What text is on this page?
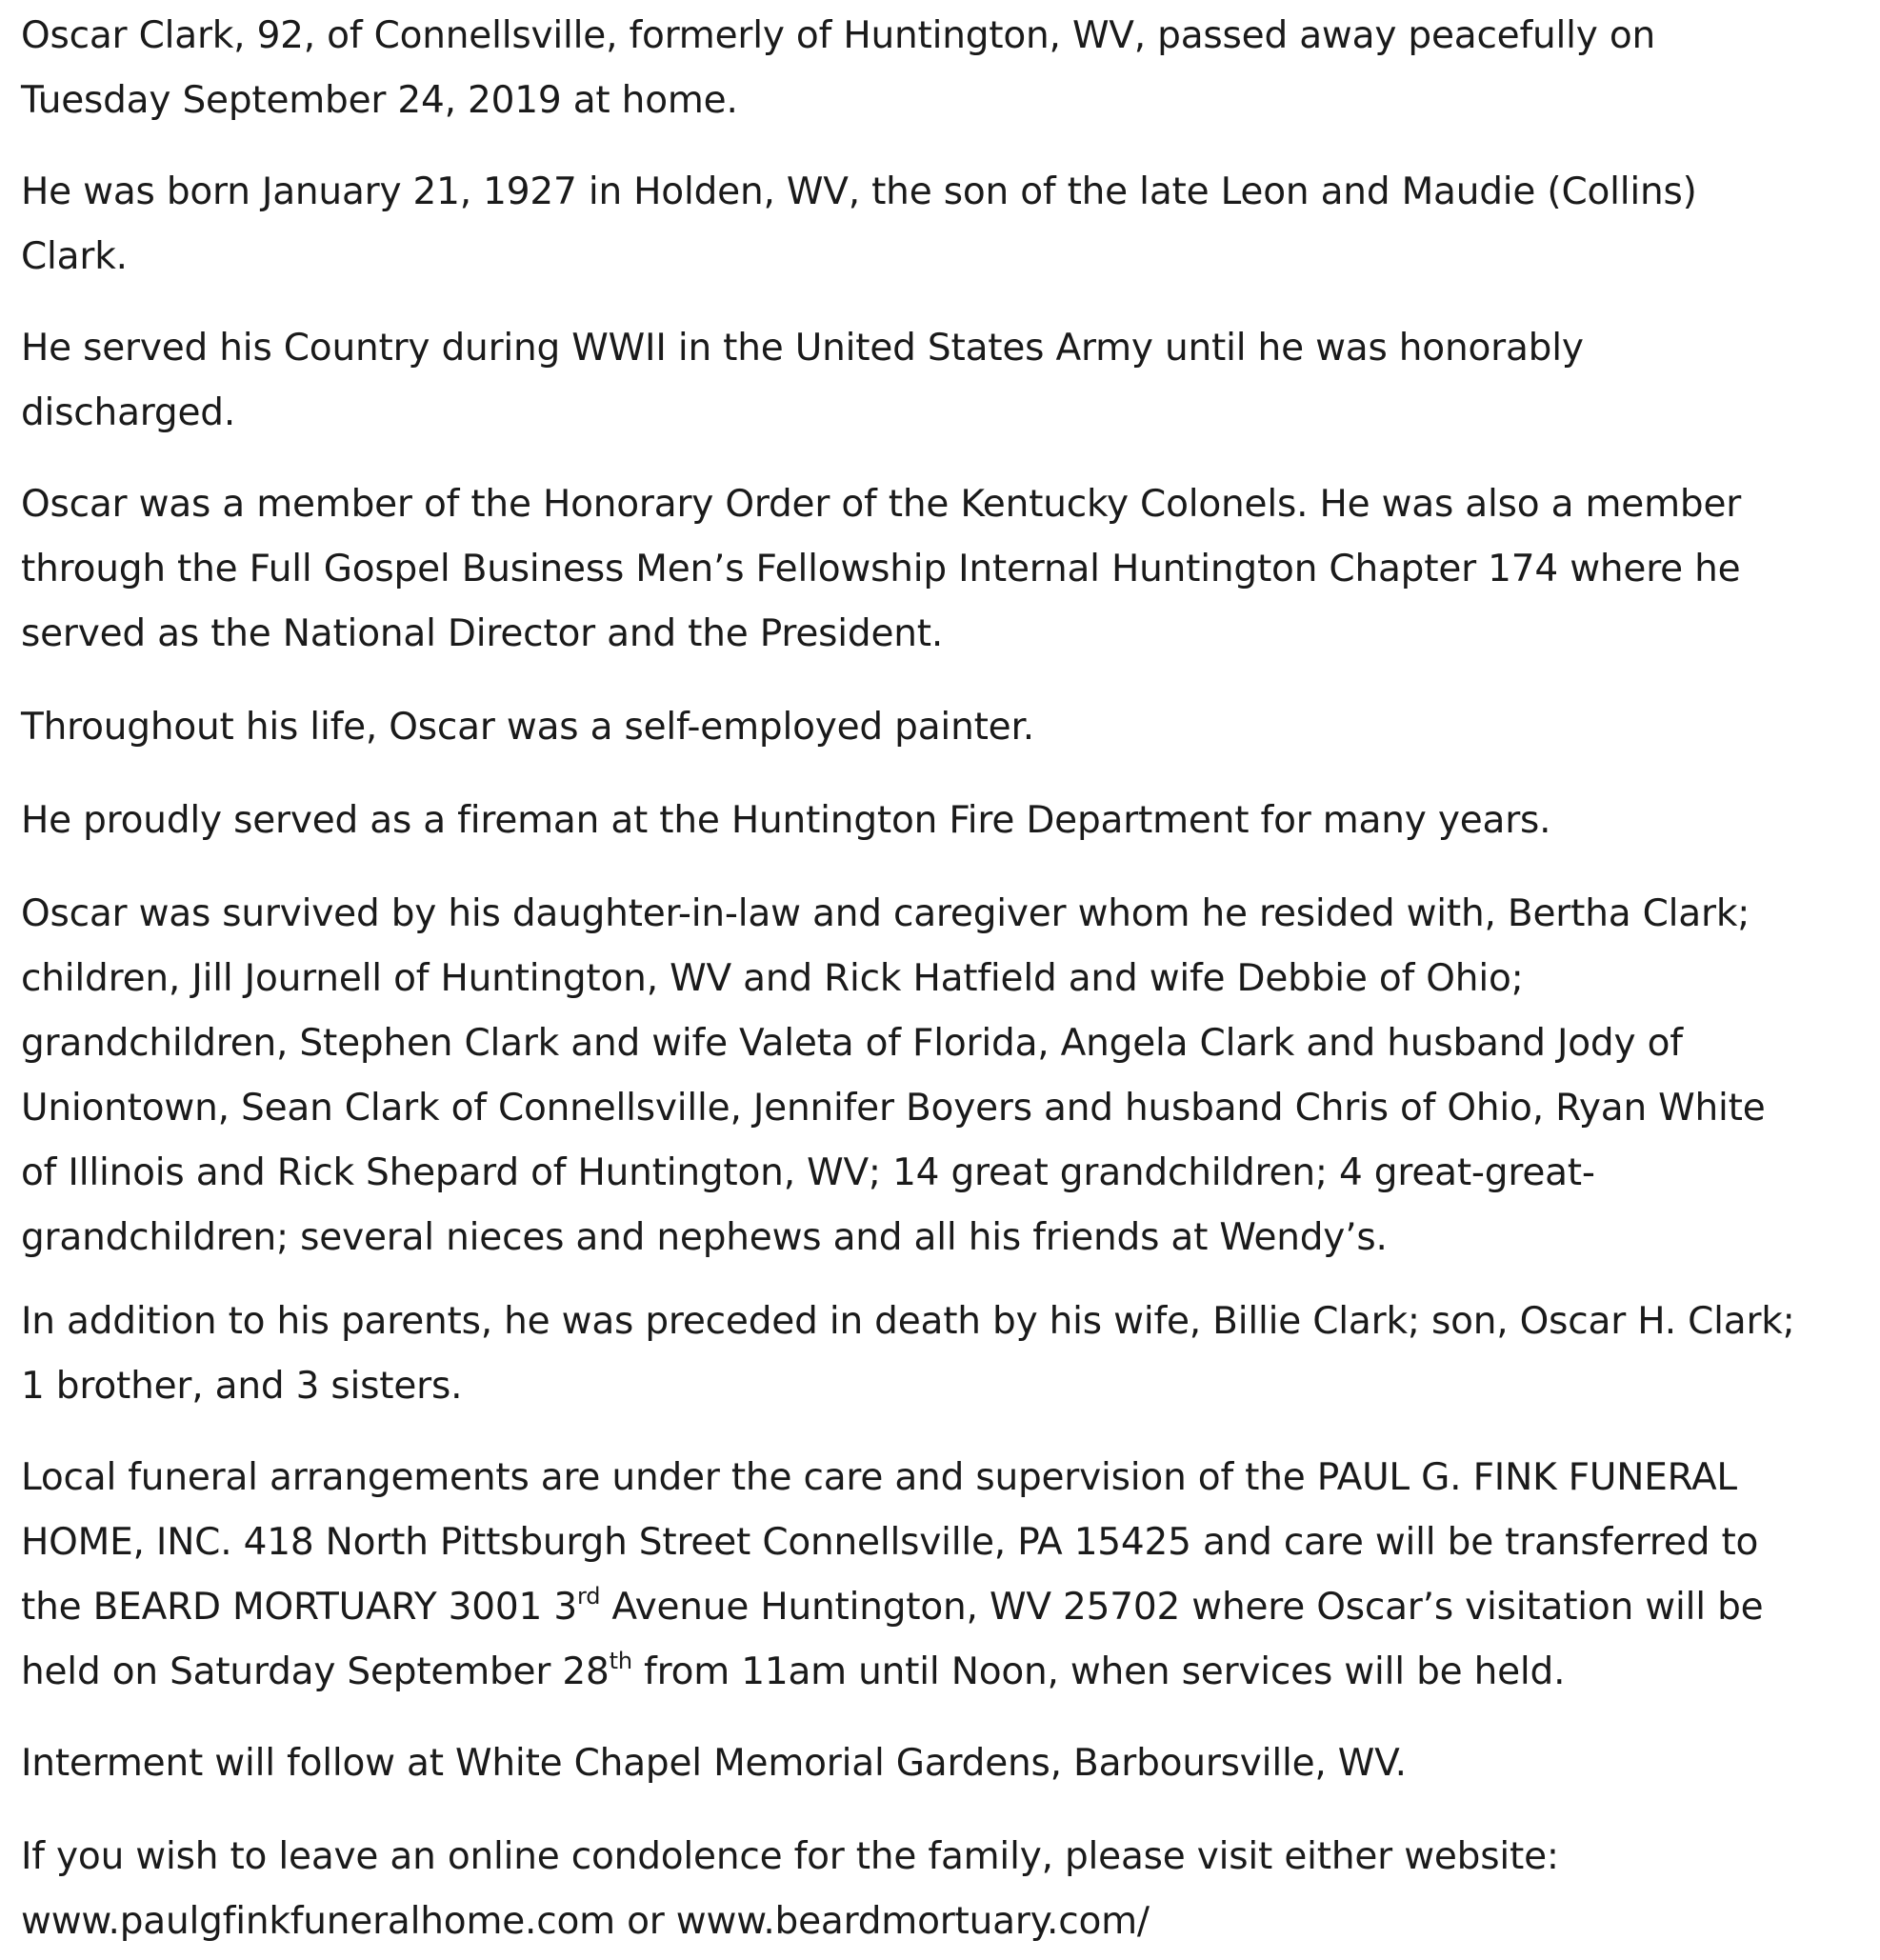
Oscar Clark, 92, of Connellsville, formerly of Huntington, WV, passed away peacefully on
Tuesday September 24, 2019 at home.

He was born January 21, 1927 in Holden, WV, the son of the late Leon and Maudie (Collins)
Clark.

He served his Country during WWII in the United States Army until he was honorably
discharged.

Oscar was a member of the Honorary Order of the Kentucky Colonels. He was also a member
through the Full Gospel Business Men’s Fellowship Internal Huntington Chapter 174 where he
served as the National Director and the President.

Throughout his life, Oscar was a self-employed painter.

He proudly served as a fireman at the Huntington Fire Department for many years.

Oscar was survived by his daughter-in-law and caregiver whom he resided with, Bertha Clark;
children, Jill Journell of Huntington, WV and Rick Hatfield and wife Debbie of Ohio;
grandchildren, Stephen Clark and wife Valeta of Florida, Angela Clark and husband Jody of
Uniontown, Sean Clark of Connellsville, Jennifer Boyers and husband Chris of Ohio, Ryan White
of Illinois and Rick Shepard of Huntington, WV; 14 great grandchildren; 4 great-great-
grandchildren; several nieces and nephews and all his friends at Wendy’s.

In addition to his parents, he was preceded in death by his wife, Billie Clark; son, Oscar H. Clark;
1 brother, and 3 sisters.

Local funeral arrangements are under the care and supervision of the PAUL G. FINK FUNERAL
HOME, INC. 418 North Pittsburgh Street Connellsville, PA 15425 and care will be transferred to
the BEARD MORTUARY 3001 3rd Avenue Huntington, WV 25702 where Oscar’s visitation will be
held on Saturday September 28th from 11am until Noon, when services will be held.

Interment will follow at White Chapel Memorial Gardens, Barboursville, WV.

If you wish to leave an online condolence for the family, please visit either website:
www.paulgfinkfuneralhome.com or www.beardmortuary.com/
